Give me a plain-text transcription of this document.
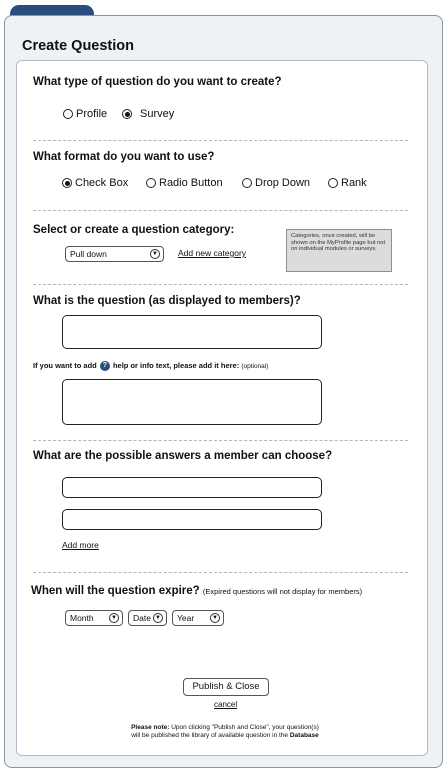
Create Question
What type of question do you want to create?
Profile	Survey
What format do you want to use?
Check Box	Radio Button	Drop Down	Rank
Select or create a question category:
Pull down	▼ Add new category
Categories, once created, will be shown on the MyProfile page but not on individual modules or surveys.
What is the question (as displayed to members)?
If you want to add ? help or info text, please add it here: (optional)
What are the possible answers a member can choose?
Add more
When will the question expire? (Expired questions will not display for members)
Month	▼	Date ▼	Year	▼
Publish & Close
cancel
Please note: Upon clicking "Publish and Close", your question(s)
will be published the library of available question in the Database
